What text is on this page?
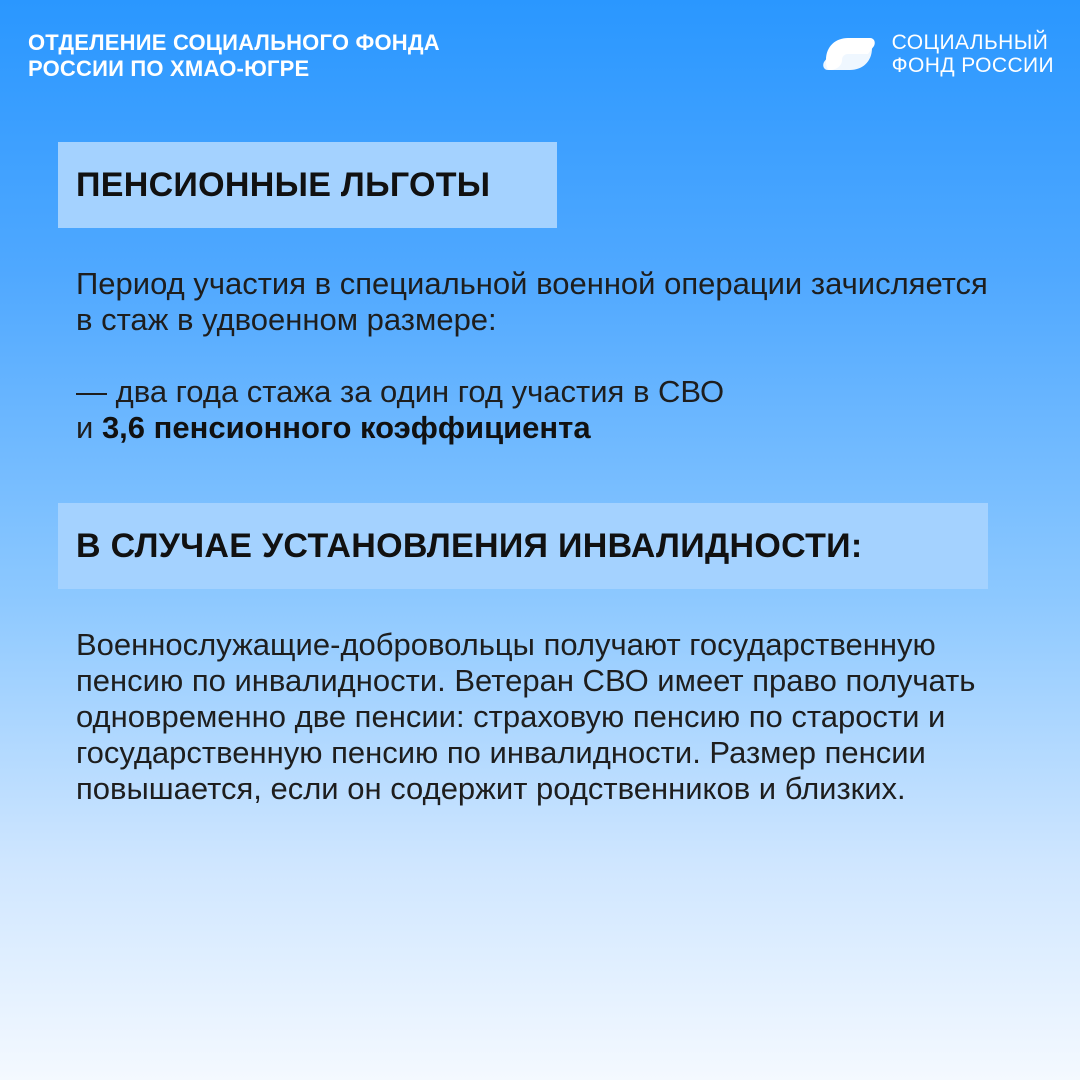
ОТДЕЛЕНИЕ СОЦИАЛЬНОГО ФОНДА
РОССИИ ПО ХМАО-ЮГРЕ
СОЦИАЛЬНЫЙ
ФОНД РОССИИ
ПЕНСИОННЫЕ ЛЬГОТЫ

Период участия в специальной военной операции зачисляется в стаж в удвоенном размере:

— два года стажа за один год участия в СВО

и 3,6 пенсионного коэффициента

В СЛУЧАЕ УСТАНОВЛЕНИЯ ИНВАЛИДНОСТИ:

Военнослужащие-добровольцы получают государственную пенсию по инвалидности. Ветеран СВО имеет право получать одновременно две пенсии: страховую пенсию по старости и государственную пенсию по инвалидности. Размер пенсии повышается, если он содержит родственников и близких.
